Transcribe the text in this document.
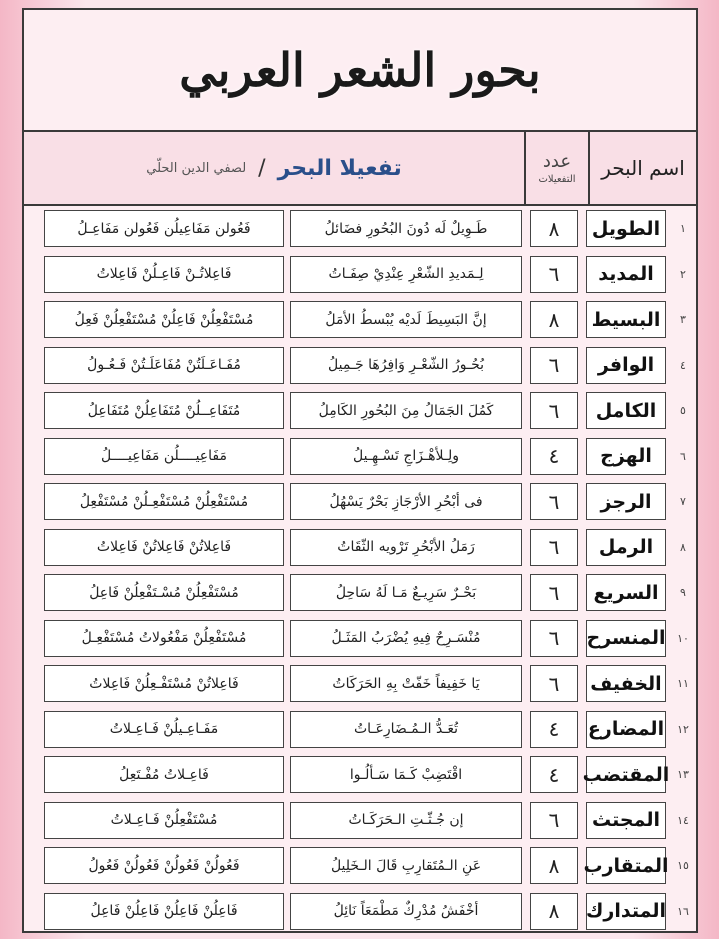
بحور الشعر العربي
اسم البحر
عدد
التفعيلات
تفعيلا البحر
/
لصفي الدين الحلّي
١
الطويل
٨
طَـوِيلٌ لَه دُونَ البُحُورِ فضَائلُ
فَعُولن مَفَاعِيلُن فَعُولن مَفَاعِـلُ
٢
المديد
٦
لِـمَديدِ الشّعْرِ عِنْدِيْ صِفَـاتُ
فَاعِلاتُـنْ فَاعِـلُنْ فَاعِلاتُ
٣
البسيط
٨
إنَّ البَسِيطَ لَديْه يُبْسطُ الأمَلُ
مُسْتَفْعِلُنْ فَاعِلُنْ مُسْتَفْعِلُنْ فَعِلُ
٤
الوافر
٦
بُحُـورُ الشّعْـرِ وَافِرُهَا جَـمِيلُ
مُفَـاعَـلَتُنْ مُفَاعَلَـتُنْ فَـعُـولُ
٥
الكامل
٦
كَمُلَ الجَمَالُ مِنَ البُحُورِ الكَامِلُ
مُتَفَاعِــلُنْ مُتَفَاعِلُنْ مُتَفَاعِلُ
٦
الهزج
٤
ولِـلأهْـزَاجِ تَسْـهِـيلُ
مَفَاعِيــــلُن مَفَاعِيــــلُ
٧
الرجز
٦
فى أبْحُرِ الأرْجَازِ بَحْرٌ يَسْهُلُ
مُسْتَفْعِلُنْ مُسْتَفْعِـلُنْ مُسْتَفْعِلُ
٨
الرمل
٦
رَمَلُ الأبْحُرِ تَرْويه الثّقَاتُ
فَاعِلاتُنْ فَاعِلاتُنْ فَاعِلاتُ
٩
السريع
٦
بَحْـرٌ سَرِيـعٌ مَـا لَهُ سَاحِلُ
مُسْتَفْعِلُنْ مُسْـتَفْعِلُنْ فَاعِلُ
١٠
المنسرح
٦
مُنْسَـرِحٌ فِيهِ يُضْرَبُ المَثَـلُ
مُسْتَفْعِلُنْ مَفْعُولاتُ مُسْتَفْعِـلُ
١١
الخفيف
٦
يَا خَفِيفاً خَفّتْ بِهِ الحَرَكَاتُ
فَاعِلاتُنْ مُسْتَفْـعِلُنْ فَاعِلاتُ
١٢
المضارع
٤
تُعَـدُّ الـمُـضَارِعَـاتُ
مَفَـاعِـيلُنْ فَـاعِـلاتُ
١٣
المقتضب
٤
اقْتَضِبْ كَـمَا سَـألُـوا
فَاعِـلاتُ مُفْـتَعِلُ
١٤
المجتث
٦
إن جُـثّـتِ الـحَرَكَـاتُ
مُسْتَفْعِلُنْ فَـاعِـلاتُ
١٥
المتقارب
٨
عَنِ الـمُتَقارِبِ قَالَ الـخَلِيلُ
فَعُولُنْ فَعُولُنْ فَعُولُنْ فَعُولُ
١٦
المتدارك
٨
أخْفَشُ مُدْرِكٌ مَطْمَعَاً نَائِلُ
فَاعِلُنْ فَاعِلُنْ فَاعِلُنْ فَاعِلُ
